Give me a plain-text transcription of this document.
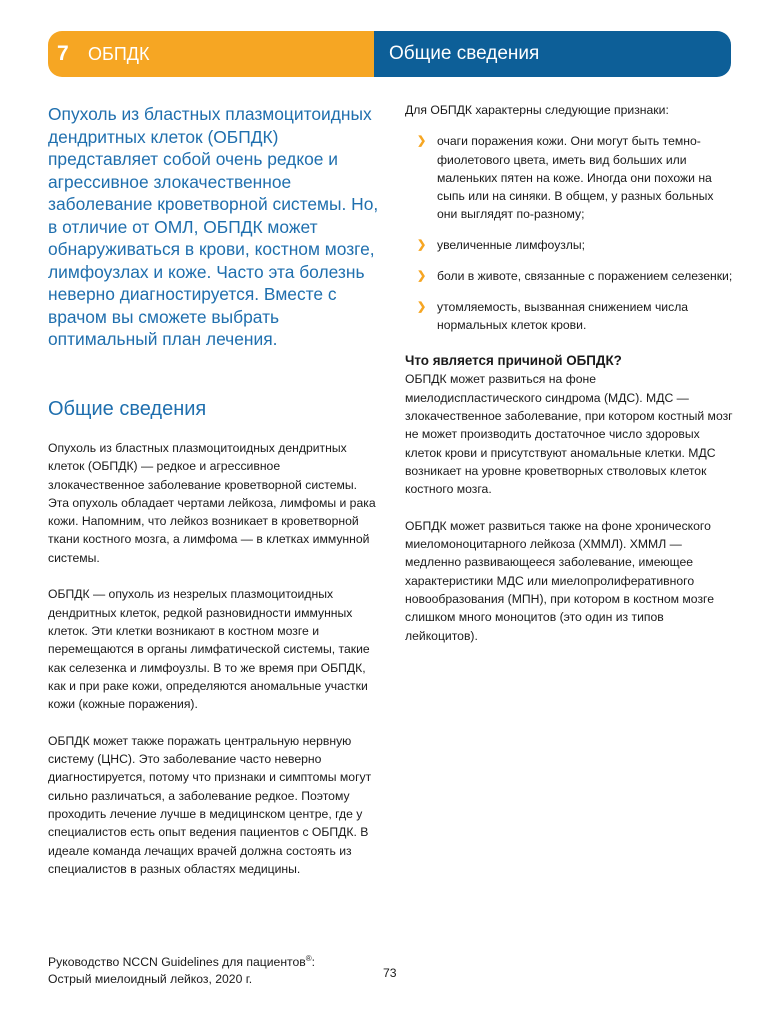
7 ОБПДК	Общие сведения
Опухоль из бластных плазмоцитоидных дендритных клеток (ОБПДК) представляет собой очень редкое и агрессивное злокачественное заболевание кроветворной системы. Но, в отличие от ОМЛ, ОБПДК может обнаруживаться в крови, костном мозге, лимфоузлах и коже. Часто эта болезнь неверно диагностируется. Вместе с врачом вы сможете выбрать оптимальный план лечения.
Общие сведения

Опухоль из бластных плазмоцитоидных дендритных клеток (ОБПДК) — редкое и агрессивное злокачественное заболевание кроветворной системы. Эта опухоль обладает чертами лейкоза, лимфомы и рака кожи. Напомним, что лейкоз возникает в кроветворной ткани костного мозга, а лимфома — в клетках иммунной системы.

ОБПДК — опухоль из незрелых плазмоцитоидных дендритных клеток, редкой разновидности иммунных клеток. Эти клетки возникают в костном мозге и перемещаются в органы лимфатической системы, такие как селезенка и лимфоузлы. В то же время при ОБПДК, как и при раке кожи, определяются аномальные участки кожи (кожные поражения).

ОБПДК может также поражать центральную нервную систему (ЦНС). Это заболевание часто неверно диагностируется, потому что признаки и симптомы могут сильно различаться, а заболевание редкое. Поэтому проходить лечение лучше в медицинском центре, где у специалистов есть опыт ведения пациентов с ОБПДК. В идеале команда лечащих врачей должна состоять из специалистов в разных областях медицины.

Для ОБПДК характерны следующие признаки:
❯ очаги поражения кожи. Они могут быть темно-фиолетового цвета, иметь вид больших или маленьких пятен на коже. Иногда они похожи на сыпь или на синяки. В общем, у разных больных они выглядят по-разному;
❯ увеличенные лимфоузлы;
❯ боли в животе, связанные с поражением селезенки;
❯ утомляемость, вызванная снижением числа нормальных клеток крови.
Что является причиной ОБПДК?

ОБПДК может развиться на фоне миелодиспластического синдрома (МДС). МДС — злокачественное заболевание, при котором костный мозг не может производить достаточное число здоровых клеток крови и присутствуют аномальные клетки. МДС возникает на уровне кроветворных стволовых клеток костного мозга.

ОБПДК может развиться также на фоне хронического миеломоноцитарного лейкоза (ХММЛ). ХММЛ — медленно развивающееся заболевание, имеющее характеристики МДС или миелопролиферативного новообразования (МПН), при котором в костном мозге слишком много моноцитов (это один из типов лейкоцитов).

Руководство NCCN Guidelines для пациентов®:
Острый миелоидный лейкоз, 2020 г.	73
